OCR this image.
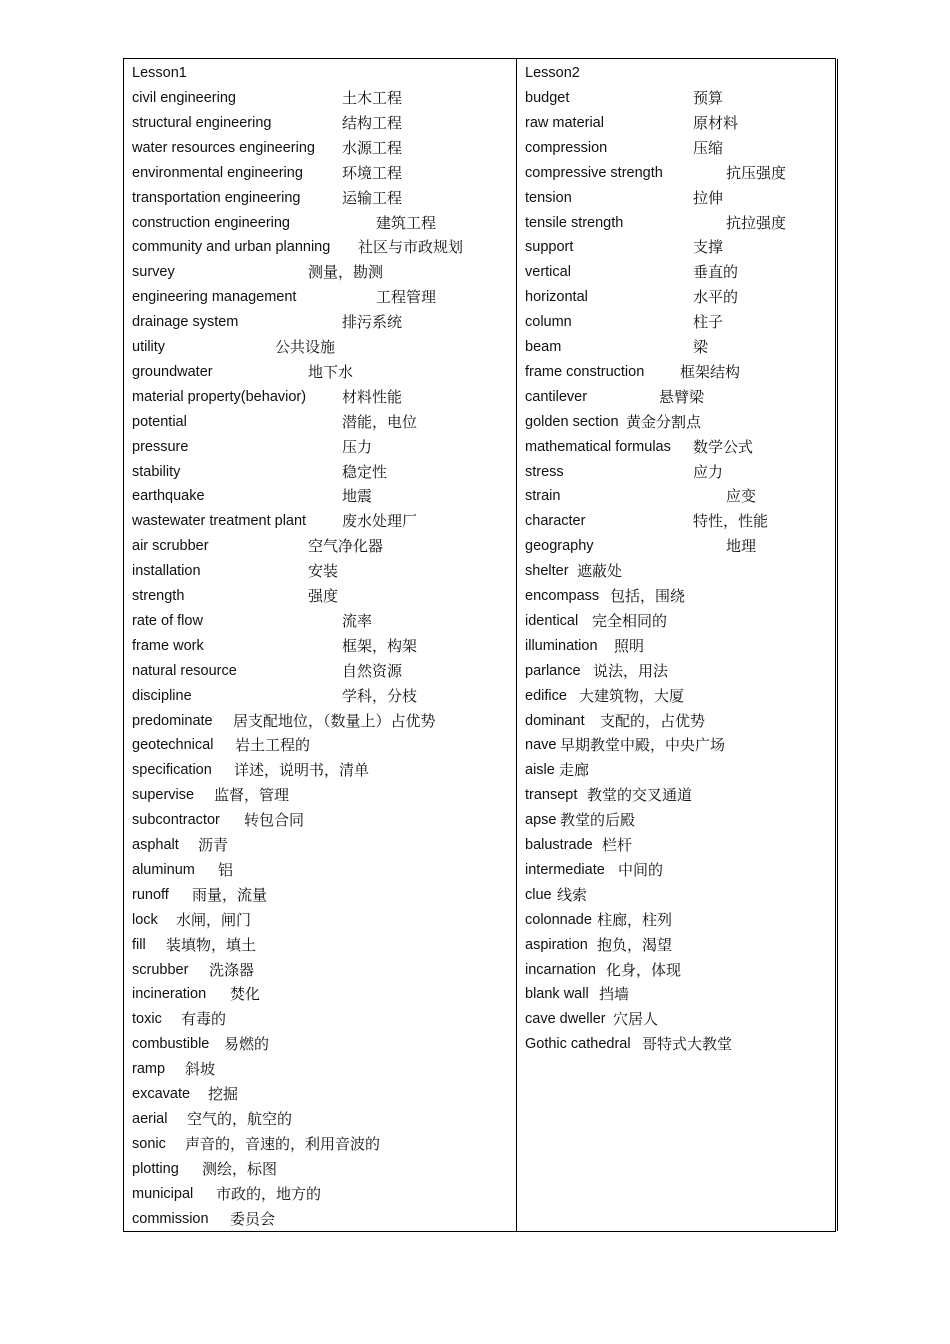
Lesson1
civil engineering	土木工程
structural engineering	结构工程
water resources engineering 水源工程
environmental engineering	环境工程
transportation engineering	运输工程
construction engineering	建筑工程
community and urban planning 社区与市政规划
survey	测量，勘测
engineering management	工程管理
drainage system	排污系统
utility	公共设施
groundwater	地下水
material property(behavior) 材料性能
potential	潜能，电位
pressure	压力
stability	稳定性
earthquake	地震
wastewater treatment plant 废水处理厂
air scrubber	空气净化器
installation	安装
strength	强度
rate of flow	流率
frame work	框架，构架
natural resource	自然资源
discipline	学科，分枝
predominate 居支配地位，（数量上）占优势
geotechnical 岩土工程的
specification 详述，说明书，清单
supervise 监督，管理
subcontractor 转包合同
asphalt 沥青
aluminum 铝
runoff 雨量，流量
lock 水闸，闸门
fill 装填物，填土
scrubber 洗涤器
incineration 焚化
toxic 有毒的
combustible 易燃的
ramp 斜坡
excavate 挖掘
aerial 空气的，航空的
sonic 声音的，音速的，利用音波的
plotting 测绘，标图
municipal 市政的，地方的
commission 委员会
Lesson2
budget	预算
raw material	原材料
compression	压缩
compressive strength	抗压强度
tension	拉伸
tensile strength	抗拉强度
support	支撑
vertical	垂直的
horizontal	水平的
column	柱子
beam	梁
frame construction 框架结构
cantilever	悬臂梁
golden section 黄金分割点
mathematical formulas 数学公式
stress	应力
strain	应变
character	特性，性能
geography	地理
shelter 遮蔽处
encompass 包括，围绕
identical 完全相同的
illumination 照明
parlance 说法，用法
edifice 大建筑物，大厦
dominant 支配的，占优势
nave 早期教堂中殿，中央广场
aisle 走廊
transept 教堂的交叉通道
apse 教堂的后殿
balustrade 栏杆
intermediate 中间的
clue 线索
colonnade 柱廊，柱列
aspiration 抱负，渴望
incarnation 化身，体现
blank wall 挡墙
cave dweller 穴居人
Gothic cathedral 哥特式大教堂
